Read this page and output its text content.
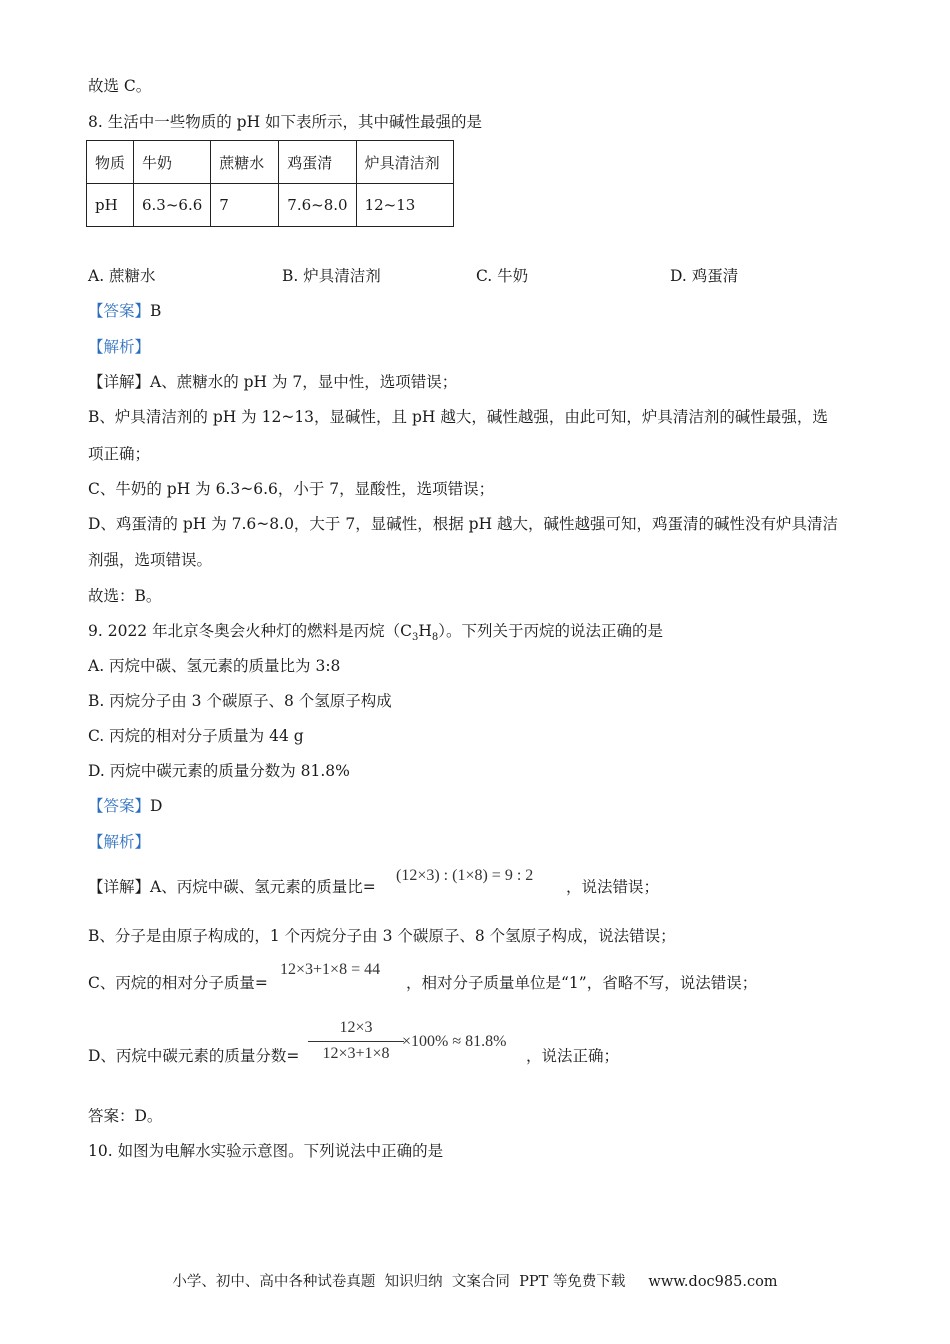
故选 C。
8. 生活中一些物质的 pH 如下表所示，其中碱性最强的是
物质	牛奶	蔗糖水	鸡蛋清	炉具清洁剂
pH	6.3~6.6	7	7.6~8.0	12~13
A. 蔗糖水	B. 炉具清洁剂	C. 牛奶	D. 鸡蛋清
【答案】B
【解析】
【详解】A、蔗糖水的 pH 为 7，显中性，选项错误；
B、炉具清洁剂的 pH 为 12~13，显碱性，且 pH 越大，碱性越强，由此可知，炉具清洁剂的碱性最强，选
项正确；
C、牛奶的 pH 为 6.3~6.6，小于 7，显酸性，选项错误；
D、鸡蛋清的 pH 为 7.6~8.0，大于 7，显碱性，根据 pH 越大，碱性越强可知，鸡蛋清的碱性没有炉具清洁
剂强，选项错误。
故选：B。
9. 2022 年北京冬奥会火种灯的燃料是丙烷$(C_3H_8)$。下列关于丙烷的说法正确的是
A. 丙烷中碳、氢元素的质量比为 3:8
B. 丙烷分子由 3 个碳原子、8 个氢原子构成
C. 丙烷的相对分子质量为 44 g
D. 丙烷中碳元素的质量分数为 81.8%
【答案】D
【解析】
【详解】A、丙烷中碳、氢元素的质量比=
(12×3) : (1×8) = 9 : 2
，说法错误；
B、分子是由原子构成的，1 个丙烷分子由 3 个碳原子、8 个氢原子构成，说法错误；
C、丙烷的相对分子质量=
12×3+1×8 = 44
，相对分子质量单位是“1”，省略不写，说法错误；
D、丙烷中碳元素的质量分数=
12×3
12×3+1×8
×100% ≈ 81.8%
，说法正确；
答案：D。
10. 如图为电解水实验示意图。下列说法中正确的是
小学、初中、高中各种试卷真题  知识归纳  文案合同  PPT 等免费下载     www.doc985.com
